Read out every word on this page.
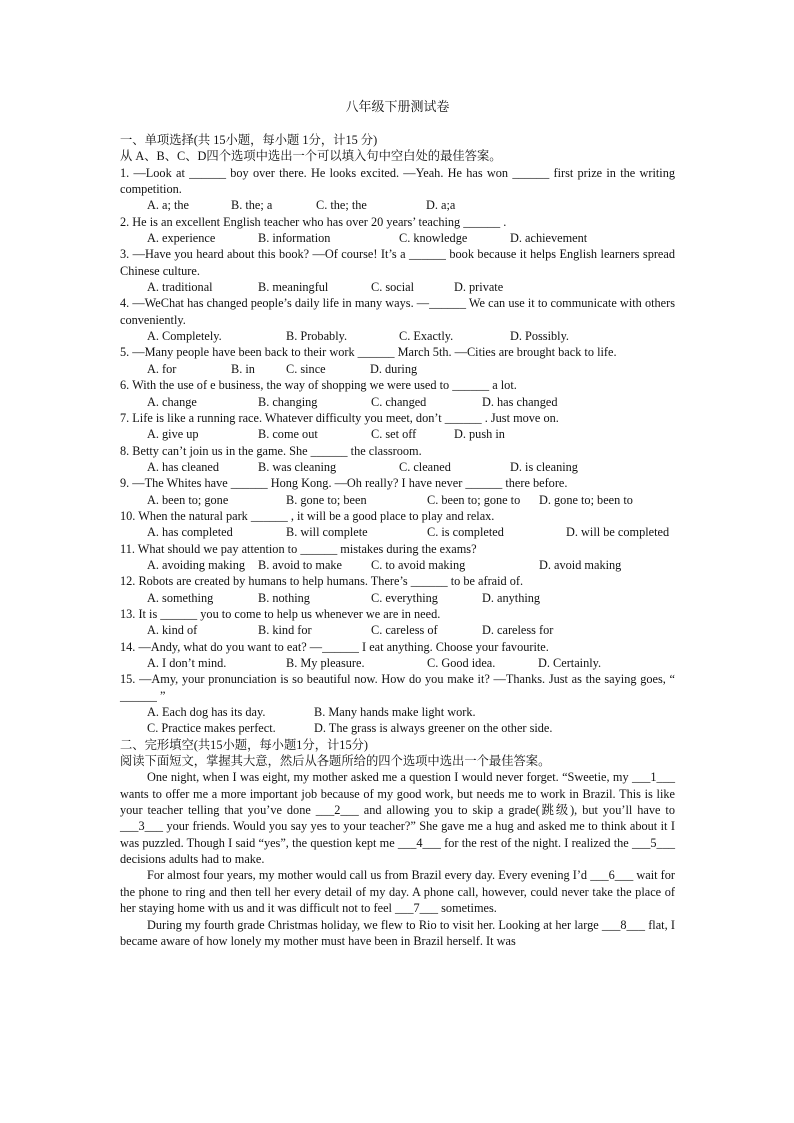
八年级下册测试卷
一、单项选择(共 15小题，每小题 1分，计15 分)
从 A、B、C、D四个选项中选出一个可以填入句中空白处的最佳答案。
1. —Look at ______ boy over there. He looks excited. —Yeah. He has won ______ first prize in the writing competition.
A. a; the	B. the; a	C. the; the	D. a;a
2. He is an excellent English teacher who has over 20 years’ teaching ______ .
A. experience	B. information	C. knowledge	D. achievement
3. —Have you heard about this book? —Of course! It’s a ______ book because it helps English learners spread Chinese culture.
A. traditional	B. meaningful	C. social	D. private
4. —WeChat has changed people’s daily life in many ways. —______ We can use it to communicate with others conveniently.
A. Completely.	B. Probably.	C. Exactly.	D. Possibly.
5. —Many people have been back to their work ______ March 5th. —Cities are brought back to life.
A. for	B. in	C. since	D. during
6. With the use of e business, the way of shopping we were used to ______ a lot.
A. change	B. changing	C. changed	D. has changed
7. Life is like a running race. Whatever difficulty you meet, don’t ______ . Just move on.
A. give up	B. come out	C. set off	D. push in
8. Betty can’t join us in the game. She ______ the classroom.
A. has cleaned	B. was cleaning	C. cleaned	D. is cleaning
9. —The Whites have ______ Hong Kong. —Oh really? I have never ______ there before.
A. been to; gone	B. gone to; been	C. been to; gone to D. gone to; been to
10. When the natural park ______ , it will be a good place to play and relax.
A. has completed	B. will complete	C. is completed	D. will be completed
11. What should we pay attention to ______ mistakes during the exams?
A. avoiding making B. avoid to make C. to avoid making	D. avoid making
12. Robots are created by humans to help humans. There’s ______ to be afraid of.
A. something	B. nothing	C. everything	D. anything
13. It is ______ you to come to help us whenever we are in need.
A. kind of	B. kind for	C. careless of	D. careless for
14. —Andy, what do you want to eat? —______ I eat anything. Choose your favourite.
A. I don’t mind.	B. My pleasure.	C. Good idea.	D. Certainly.
15. —Amy, your pronunciation is so beautiful now. How do you make it? —Thanks. Just as the saying goes, “ ______ ”
A. Each dog has its day.	B. Many hands make light work.
C. Practice makes perfect.	D. The grass is always greener on the other side.
二、完形填空(共15小题，每小题1分，计15分)
阅读下面短文，掌握其大意，然后从各题所给的四个选项中选出一个最佳答案。
One night, when I was eight, my mother asked me a question I would never forget. “Sweetie, my ___1___ wants to offer me a more important job because of my good work, but needs me to work in Brazil. This is like your teacher telling that you’ve done ___2___ and allowing you to skip a grade(跳级), but you’ll have to ___3___ your friends. Would you say yes to your teacher?” She gave me a hug and asked me to think about it I was puzzled. Though I said “yes”, the question kept me ___4___ for the rest of the night. I realized the ___5___ decisions adults had to make.
For almost four years, my mother would call us from Brazil every day. Every evening I’d ___6___ wait for the phone to ring and then tell her every detail of my day. A phone call, however, could never take the place of her staying home with us and it was difficult not to feel ___7___ sometimes.
During my fourth grade Christmas holiday, we flew to Rio to visit her. Looking at her large ___8___ flat, I became aware of how lonely my mother must have been in Brazil herself. It was
